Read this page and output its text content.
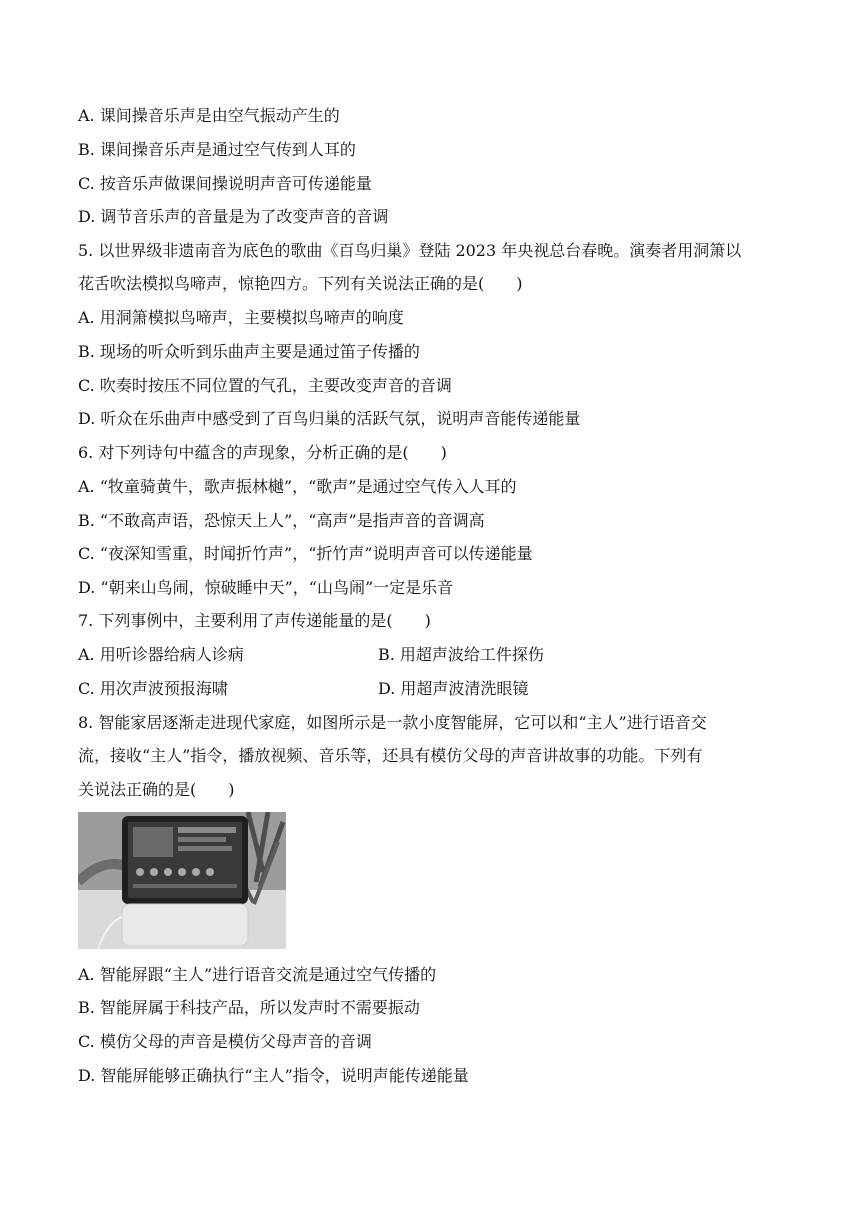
A. 课间操音乐声是由空气振动产生的
B. 课间操音乐声是通过空气传到人耳的
C. 按音乐声做课间操说明声音可传递能量
D. 调节音乐声的音量是为了改变声音的音调
5. 以世界级非遗南音为底色的歌曲《百鸟归巢》登陆 2023 年央视总台春晚。演奏者用洞箫以
花舌吹法模拟鸟啼声，惊艳四方。下列有关说法正确的是(　　)
A. 用洞箫模拟鸟啼声，主要模拟鸟啼声的响度
B. 现场的听众听到乐曲声主要是通过笛子传播的
C. 吹奏时按压不同位置的气孔，主要改变声音的音调
D. 听众在乐曲声中感受到了百鸟归巢的活跃气氛，说明声音能传递能量
6. 对下列诗句中蕴含的声现象，分析正确的是(　　)
A. “牧童骑黄牛，歌声振林樾”，“歌声”是通过空气传入人耳的
B. “不敢高声语，恐惊天上人”，“高声”是指声音的音调高
C. “夜深知雪重，时闻折竹声”，“折竹声”说明声音可以传递能量
D. “朝来山鸟闹，惊破睡中天”，“山鸟闹”一定是乐音
7. 下列事例中，主要利用了声传递能量的是(　　)
A. 用听诊器给病人诊病	B. 用超声波给工件探伤
C. 用次声波预报海啸	D. 用超声波清洗眼镜
8. 智能家居逐渐走进现代家庭，如图所示是一款小度智能屏，它可以和“主人”进行语音交
流，接收“主人”指令，播放视频、音乐等，还具有模仿父母的声音讲故事的功能。下列有
关说法正确的是(　　)
A. 智能屏跟“主人”进行语音交流是通过空气传播的
B. 智能屏属于科技产品，所以发声时不需要振动
C. 模仿父母的声音是模仿父母声音的音调
D. 智能屏能够正确执行“主人”指令，说明声能传递能量
